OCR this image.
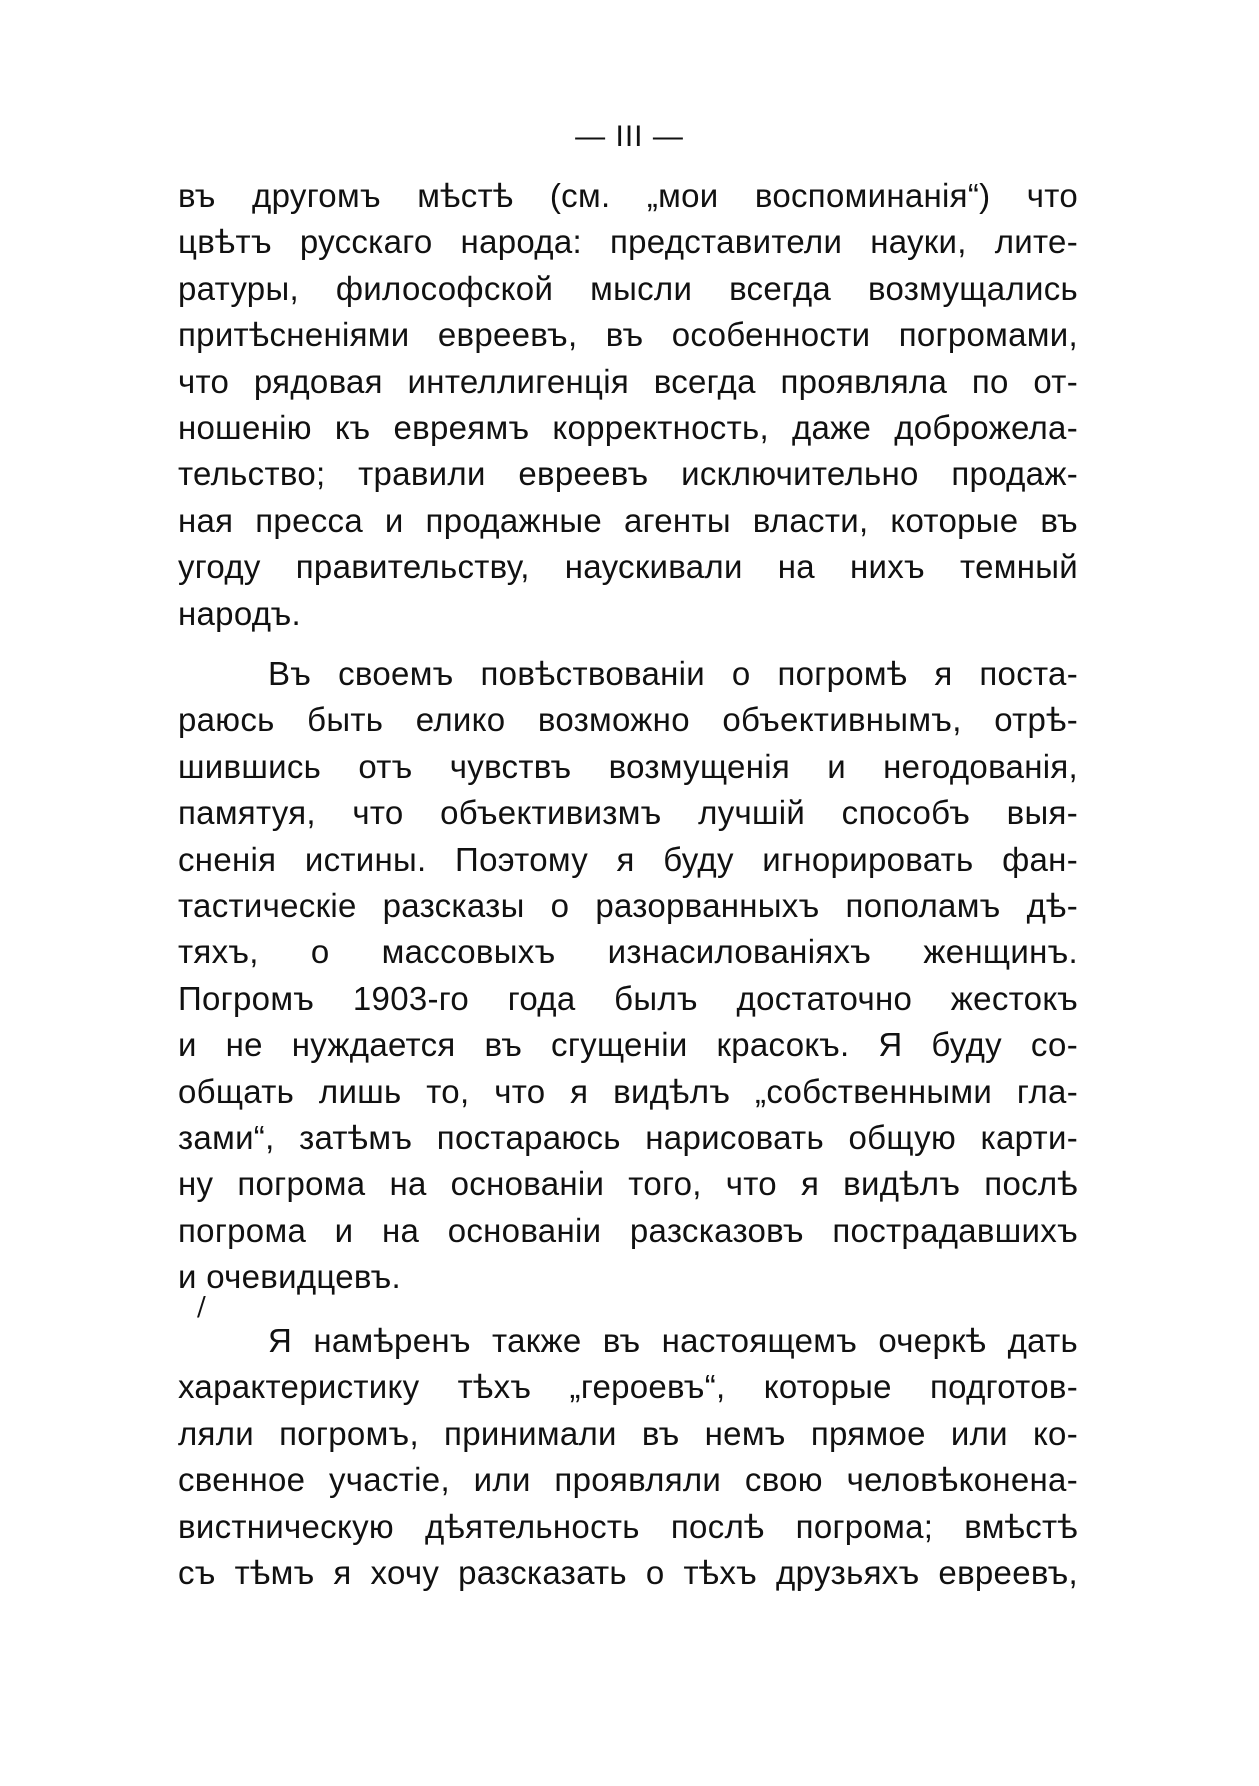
— III —
въ другомъ мѣстѣ (см. „мои воспоминанія“) что
цвѣтъ русскаго народа: представители науки, лите-
ратуры, философской мысли всегда возмущались
притѣсненіями евреевъ, въ особенности погромами,
что рядовая интеллигенція всегда проявляла по от-
ношенію къ евреямъ корректность, даже доброжела-
тельство; травили евреевъ исключительно продаж-
ная пресса и продажные агенты власти, которые въ
угоду правительству, наускивали на нихъ темный
народъ.
Въ своемъ повѣствованіи о погромѣ я поста-
раюсь быть елико возможно объективнымъ, отрѣ-
шившись отъ чувствъ возмущенія и негодованія,
памятуя, что объективизмъ лучшій способъ выя-
сненія истины. Поэтому я буду игнорировать фан-
тастическіе разсказы о разорванныхъ пополамъ дѣ-
тяхъ, о массовыхъ изнасилованіяхъ женщинъ.
Погромъ 1903-го года былъ достаточно жестокъ
и не нуждается въ сгущеніи красокъ. Я буду со-
общать лишь то, что я видѣлъ „собственными гла-
зами“, затѣмъ постараюсь нарисовать общую карти-
ну погрома на основаніи того, что я видѣлъ послѣ
погрома и на основаніи разсказовъ пострадавшихъ
и очевидцевъ.
/
Я намѣренъ также въ настоящемъ очеркѣ дать
характеристику тѣхъ „героевъ“, которые подготов-
ляли погромъ, принимали въ немъ прямое или ко-
свенное участіе, или проявляли свою человѣконена-
вистническую дѣятельность послѣ погрома; вмѣстѣ
съ тѣмъ я хочу разсказать о тѣхъ друзьяхъ евреевъ,
